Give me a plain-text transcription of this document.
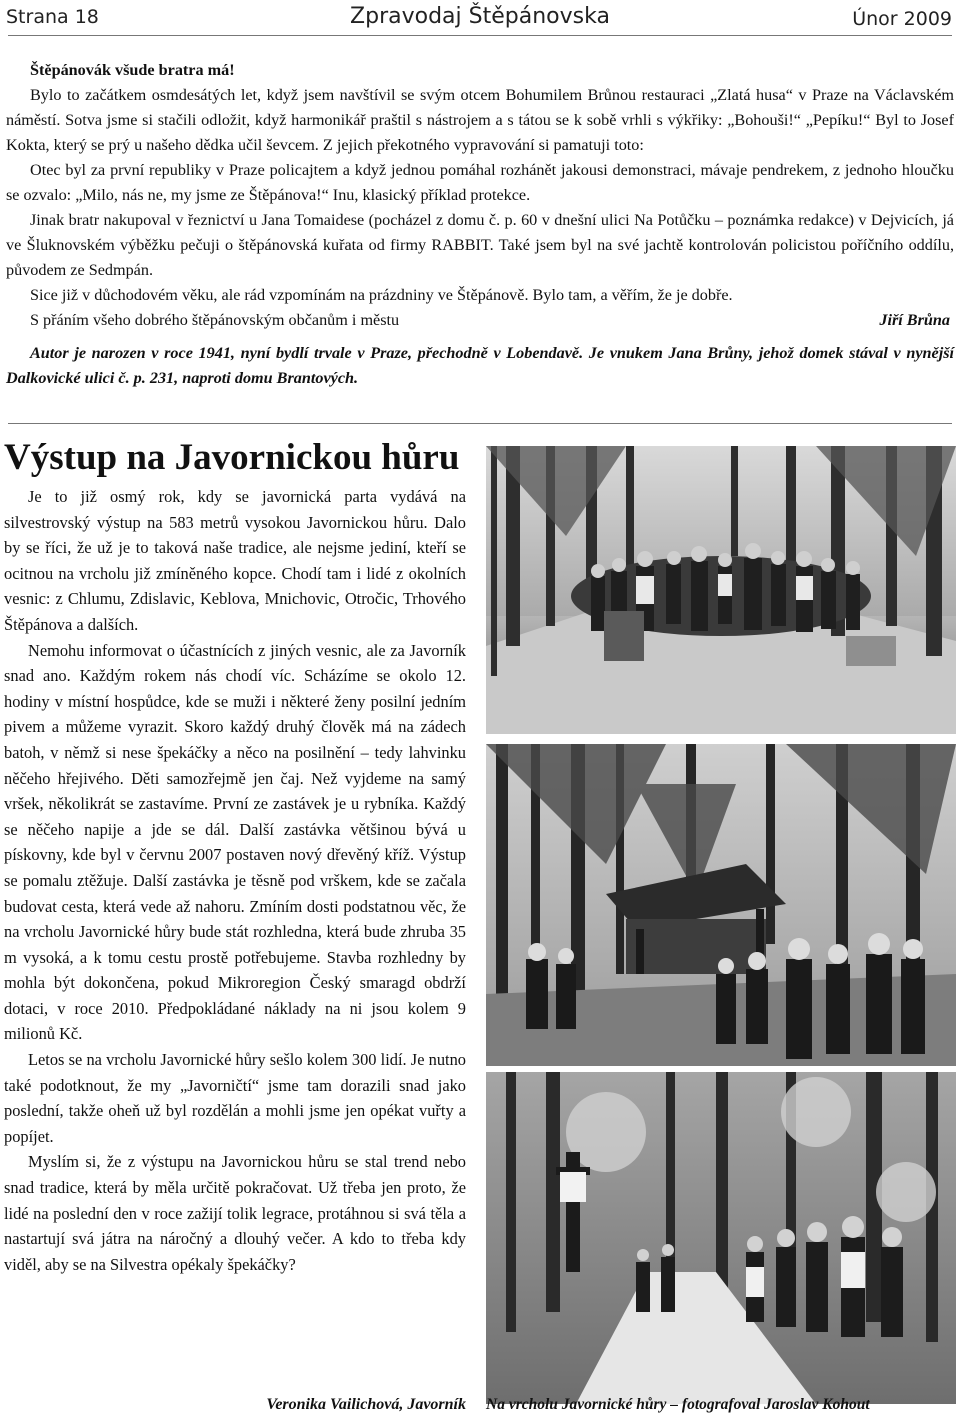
Strana 18	Zpravodaj Štěpánovska	Únor 2009

Štěpánovák všude bratra má!

Bylo to začátkem osmdesátých let, když jsem navštívil se svým otcem Bohumilem Brůnou restauraci „Zlatá husa“ v Praze na Václavském náměstí. Sotva jsme si stačili odložit, když harmonikář praštil s nástrojem a s tátou se k sobě vrhli s výkřiky: „Bohouši!“ „Pepíku!“ Byl to Josef Kokta, který se prý u našeho dědka učil ševcem. Z jejich překotného vypravování si pamatuji toto:

Otec byl za první republiky v Praze policajtem a když jednou pomáhal rozhánět jakousi demonstraci, mávaje pendrekem, z jednoho hloučku se ozvalo: „Milo, nás ne, my jsme ze Štěpánova!“ Inu, klasický příklad protekce.

Jinak bratr nakupoval v řeznictví u Jana Tomaidese (pocházel z domu č. p. 60 v dnešní ulici Na Potůčku – poznámka redakce) v Dejvicích, já ve Šluknovském výběžku pečuji o štěpánovská kuřata od firmy RABBIT. Také jsem byl na své jachtě kontrolován policistou poříčního oddílu, původem ze Sedmpán.

Sice již v důchodovém věku, ale rád vzpomínám na prázdniny ve Štěpánově. Bylo tam, a věřím, že je dobře.

S přáním všeho dobrého štěpánovským občanům i městu	Jiří Brůna

Autor je narozen v roce 1941, nyní bydlí trvale v Praze, přechodně v Lobendavě. Je vnukem Jana Brůny, jehož domek stával v nynější Dalkovické ulici č. p. 231, naproti domu Brantových.

Výstup na Javornickou hůru

Je to již osmý rok, kdy se javornická parta vydává na silvestrovský výstup na 583 metrů vysokou Javornickou hůru. Dalo by se říci, že už je to taková naše tradice, ale nejsme jediní, kteří se ocitnou na vrcholu již zmíněného kopce. Chodí tam i lidé z okolních vesnic: z Chlumu, Zdislavic, Keblova, Mnichovic, Otročic, Trhového Štěpánova a dalších.

Nemohu informovat o účastnících z jiných vesnic, ale za Javorník snad ano. Každým rokem nás chodí víc. Scházíme se okolo 12. hodiny v místní hospůdce, kde se muži i některé ženy posilní jedním pivem a můžeme vyrazit. Skoro každý druhý člověk má na zádech batoh, v němž si nese špekáčky a něco na posilnění – tedy lahvinku něčeho hřejivého. Děti samozřejmě jen čaj. Než vyjdeme na samý vršek, několikrát se zastavíme. První ze zastávek je u rybníka. Každý se něčeho napije a jde se dál. Další zastávka většinou bývá u pískovny, kde byl v červnu 2007 postaven nový dřevěný kříž. Výstup se pomalu ztěžuje. Další zastávka je těsně pod vrškem, kde se začala budovat cesta, která vede až nahoru. Zmíním dosti podstatnou věc, že na vrcholu Javornické hůry bude stát rozhledna, která bude zhruba 35 m vysoká, a k tomu cestu prostě potřebujeme. Stavba rozhledny by mohla být dokončena, pokud Mikroregion Český smaragd obdrží dotaci, v roce 2010. Předpokládané náklady na ni jsou kolem 9 milionů Kč.

Letos se na vrcholu Javornické hůry sešlo kolem 300 lidí. Je nutno také podotknout, že my „Javorničtí“ jsme tam dorazili snad jako poslední, takže oheň už byl rozdělán a mohli jsme jen opékat vuřty a popíjet.

Myslím si, že z výstupu na Javornickou hůru se stal trend nebo snad tradice, která by měla určitě pokračovat. Už třeba jen proto, že lidé na poslední den v roce zažijí tolik legrace, protáhnou si svá těla a nastartují svá játra na náročný a dlouhý večer. A kdo to třeba kdy viděl, aby se na Silvestra opékaly špekáčky?

Veronika Vailichová, Javorník Na vrcholu Javornické hůry – fotografoval Jaroslav Kohout
